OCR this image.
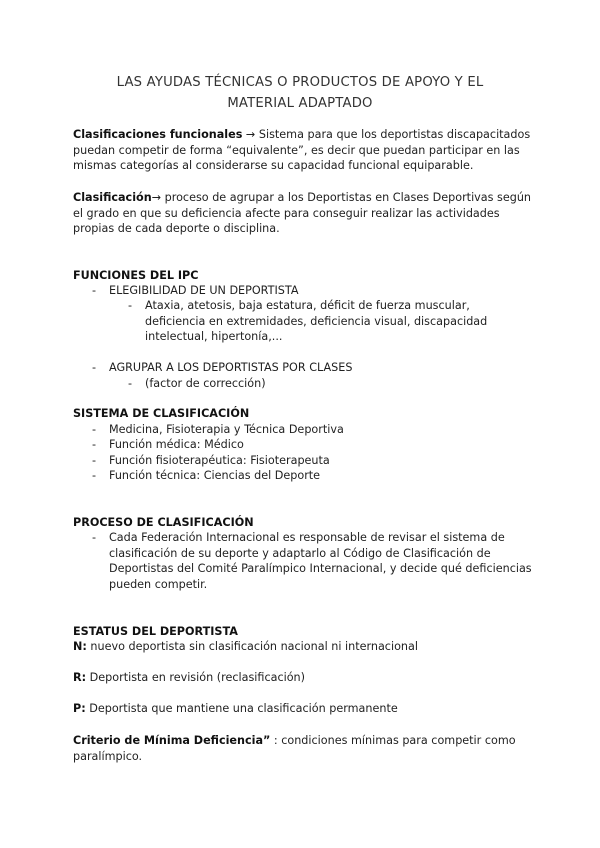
LAS AYUDAS TÉCNICAS O PRODUCTOS DE APOYO Y EL
MATERIAL ADAPTADO
Clasificaciones funcionales → Sistema para que los deportistas discapacitados puedan competir de forma “equivalente”, es decir que puedan participar en las mismas categorías al considerarse su capacidad funcional equiparable.
Clasificación→ proceso de agrupar a los Deportistas en Clases Deportivas según el grado en que su deficiencia afecte para conseguir realizar las actividades propias de cada deporte o disciplina.
FUNCIONES DEL IPC
- ELEGIBILIDAD DE UN DEPORTISTA
- Ataxia, atetosis, baja estatura, déficit de fuerza muscular, deficiencia en extremidades, deficiencia visual, discapacidad intelectual, hipertonía,...
- AGRUPAR A LOS DEPORTISTAS POR CLASES
- (factor de corrección)
SISTEMA DE CLASIFICACIÓN
- Medicina, Fisioterapia y Técnica Deportiva
- Función médica: Médico
- Función fisioterapéutica: Fisioterapeuta
- Función técnica: Ciencias del Deporte
PROCESO DE CLASIFICACIÓN
- Cada Federación Internacional es responsable de revisar el sistema de clasificación de su deporte y adaptarlo al Código de Clasificación de Deportistas del Comité Paralímpico Internacional, y decide qué deficiencias pueden competir.
ESTATUS DEL DEPORTISTA
N: nuevo deportista sin clasificación nacional ni internacional
R: Deportista en revisión (reclasificación)
P: Deportista que mantiene una clasificación permanente
Criterio de Mínima Deficiencia” : condiciones mínimas para competir como paralímpico.
